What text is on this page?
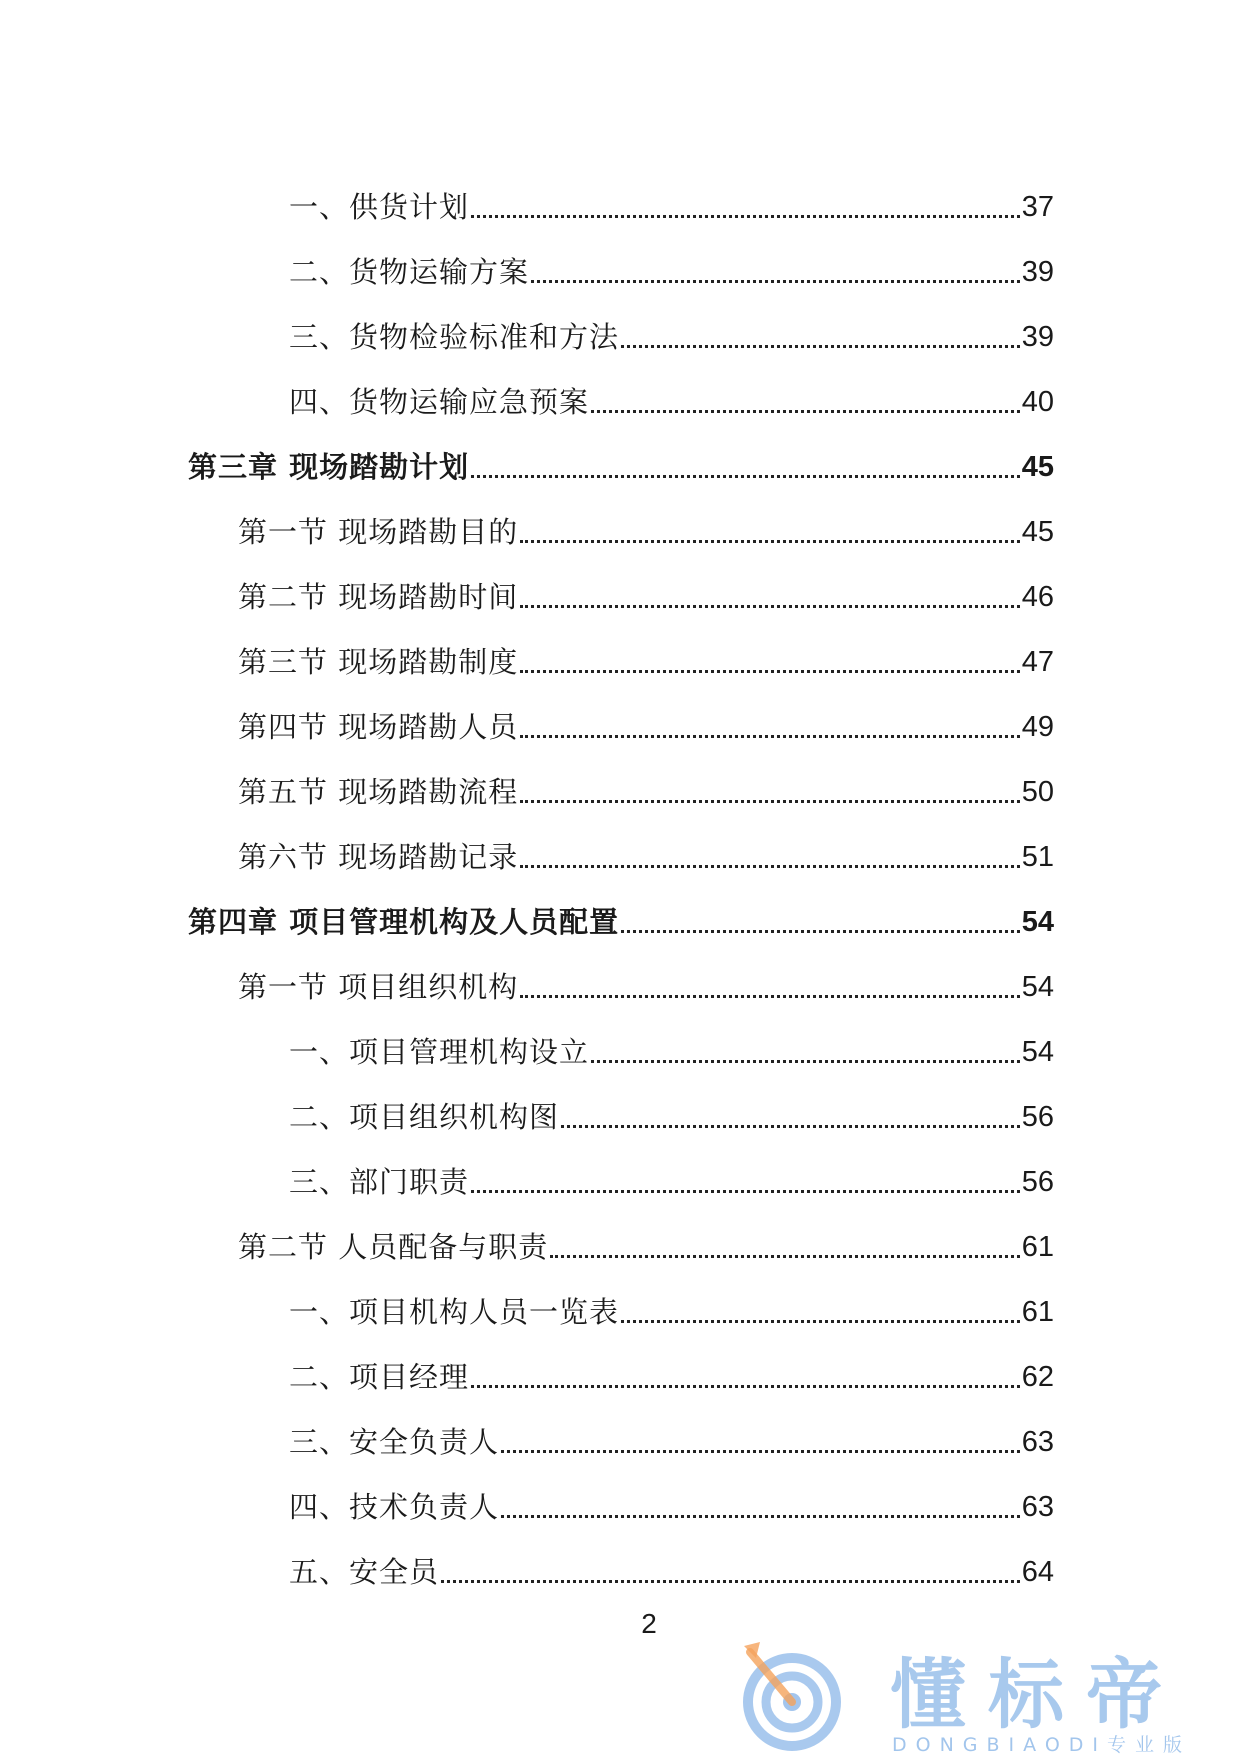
一、供货计划	37
二、货物运输方案	39
三、货物检验标准和方法	39
四、货物运输应急预案	40
第三章 现场踏勘计划	45
第一节 现场踏勘目的	45
第二节 现场踏勘时间	46
第三节 现场踏勘制度	47
第四节 现场踏勘人员	49
第五节 现场踏勘流程	50
第六节 现场踏勘记录	51
第四章 项目管理机构及人员配置	54
第一节 项目组织机构	54
一、项目管理机构设立	54
二、项目组织机构图	56
三、部门职责	56
第二节 人员配备与职责	61
一、项目机构人员一览表	61
二、项目经理	62
三、安全负责人	63
四、技术负责人	63
五、安全员	64
2
懂标帝
DONGBIAODI专业版
